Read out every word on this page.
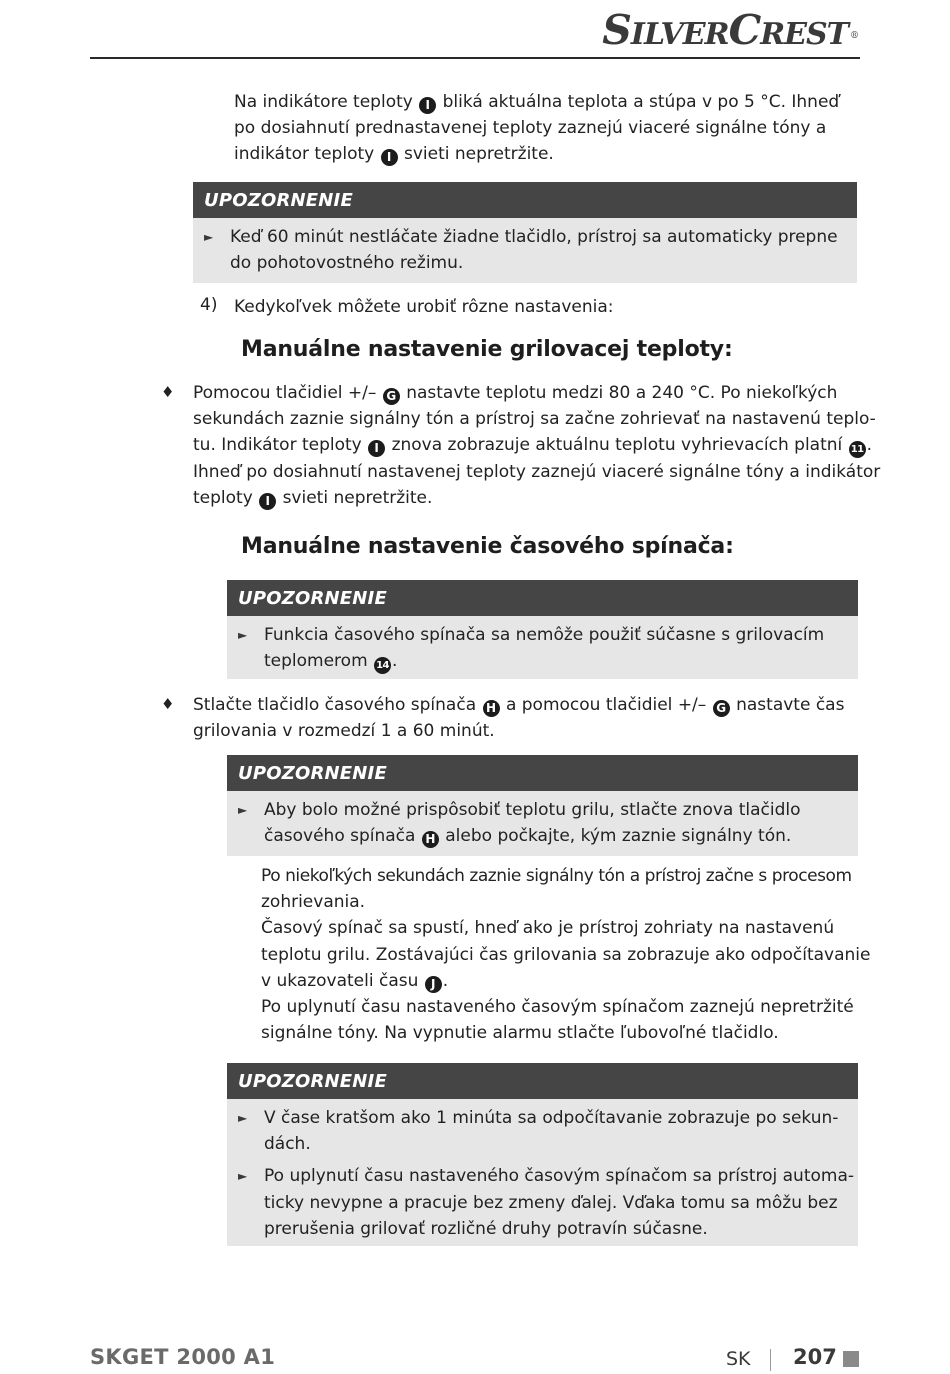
SILVERCREST ®
Na indikátore teploty I bliká aktuálna teplota a stúpa v po 5 °C. Ihneď
po dosiahnutí prednastavenej teploty zaznejú viaceré signálne tóny a
indikátor teploty I svieti nepretržite.
UPOZORNENIE
► Keď 60 minút nestláčate žiadne tlačidlo, prístroj sa automaticky prepne
do pohotovostného režimu.
4) Kedykoľvek môžete urobiť rôzne nastavenia:
Manuálne nastavenie grilovacej teploty:
♦ Pomocou tlačidiel +/– G nastavte teplotu medzi 80 a 240 °C. Po niekoľkých
sekundách zaznie signálny tón a prístroj sa začne zohrievať na nastavenú teplo-
tu. Indikátor teploty I znova zobrazuje aktuálnu teplotu vyhrievacích platní 11 .
Ihneď po dosiahnutí nastavenej teploty zaznejú viaceré signálne tóny a indikátor
teploty I svieti nepretržite.
Manuálne nastavenie časového spínača:
UPOZORNENIE
► Funkcia časového spínača sa nemôže použiť súčasne s grilovacím
teplomerom 14 .
♦ Stlačte tlačidlo časového spínača H a pomocou tlačidiel +/– G nastavte čas
grilovania v rozmedzí 1 a 60 minút.
UPOZORNENIE
► Aby bolo možné prispôsobiť teplotu grilu, stlačte znova tlačidlo
časového spínača H alebo počkajte, kým zaznie signálny tón.
Po niekoľkých sekundách zaznie signálny tón a prístroj začne s procesom
zohrievania.
Časový spínač sa spustí, hneď ako je prístroj zohriaty na nastavenú
teplotu grilu. Zostávajúci čas grilovania sa zobrazuje ako odpočítavanie
v ukazovateli času J .
Po uplynutí času nastaveného časovým spínačom zaznejú nepretržité
signálne tóny. Na vypnutie alarmu stlačte ľubovoľné tlačidlo.
UPOZORNENIE
► V čase kratšom ako 1 minúta sa odpočítavanie zobrazuje po sekun-
dách.
► Po uplynutí času nastaveného časovým spínačom sa prístroj automa-
ticky nevypne a pracuje bez zmeny ďalej. Vďaka tomu sa môžu bez
prerušenia grilovať rozličné druhy potravín súčasne.
SKGET 2000 A1	SK 207
